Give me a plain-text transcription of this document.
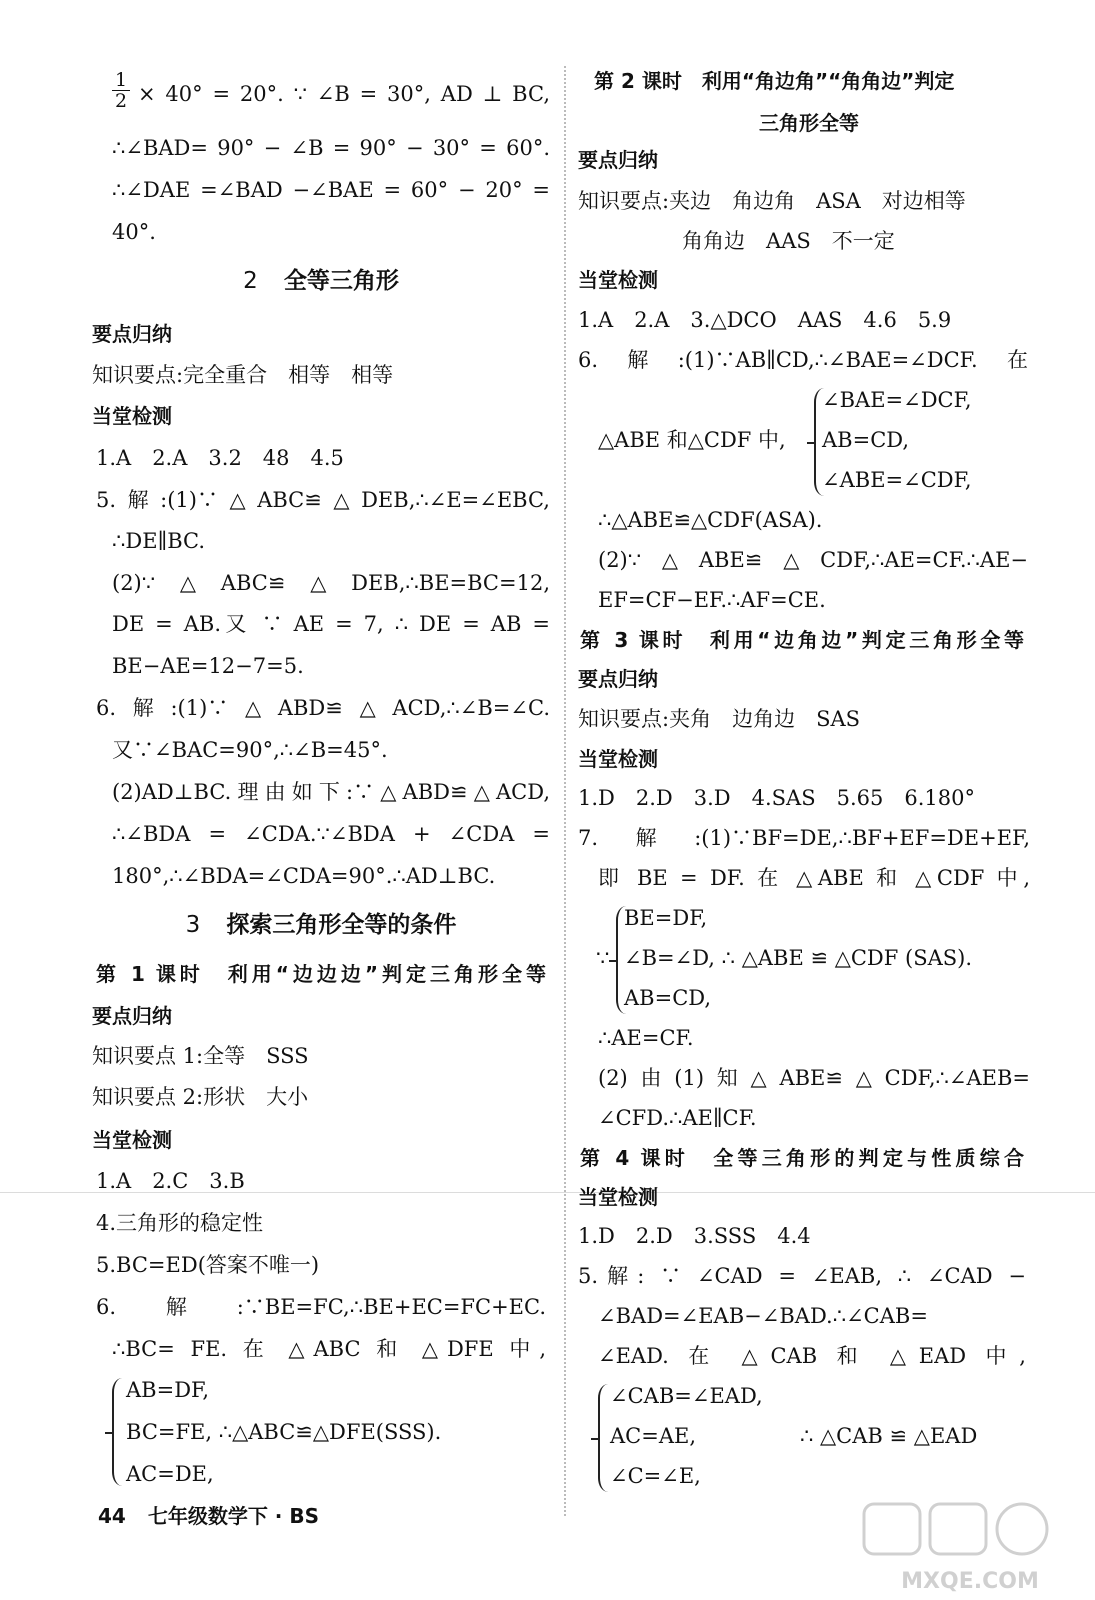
$\frac{1}{2} \times 40^\circ = 20^\circ$. ∵ ∠B = 30°, AD ⊥ BC,
∴∠BAD= 90° − ∠B = 90° − 30° = 60°.
∴∠DAE =∠BAD −∠BAE = 60° − 20° =
40°.
2 全等三角形
要点归纳
知识要点:完全重合　相等　相等
当堂检测
1.A　2.A　3.2　48　4.5
5.解:(1)∵△ABC≌△DEB,∴∠E=∠EBC,
∴DE∥BC.
(2)∵△ABC≌△DEB,∴BE=BC=12,
DE = AB.又 ∵ AE = 7, ∴ DE = AB =
BE−AE=12−7=5.
6.解:(1)∵△ABD≌△ACD,∴∠B=∠C.
又∵∠BAC=90°,∴∠B=45°.
(2)AD⊥BC.理由如下:∵△ABD≌△ACD,
∴∠BDA = ∠CDA.∵∠BDA + ∠CDA =
180°,∴∠BDA=∠CDA=90°.∴AD⊥BC.
3 探索三角形全等的条件
第 1 课时　利用“边边边”判定三角形全等
要点归纳
知识要点 1:全等　SSS
知识要点 2:形状　大小
当堂检测
1.A　2.C　3.B
4.三角形的稳定性
5.BC=ED(答案不唯一)
6.解:∵BE=FC,∴BE+EC=FC+EC.
∴BC= FE. 在 △ABC 和 △DFE 中,
AB=DF,
BC=FE, ∴△ABC≌△DFE(SSS).
AC=DE,
第 2 课时　利用“角边角”“角角边”判定
三角形全等
要点归纳
知识要点:夹边　角边角　ASA　对边相等
角角边　AAS　不一定
当堂检测
1.A　2.A　3.△DCO　AAS　4.6　5.9
6.解:(1)∵AB∥CD,∴∠BAE=∠DCF.在
∠BAE=∠DCF,
△ABE 和△CDF 中, AB=CD,
∠ABE=∠CDF,
∴△ABE≌△CDF(ASA).
(2)∵△ABE≌△CDF,∴AE=CF.∴AE−
EF=CF−EF.∴AF=CE.
第 3 课时　利用“边角边”判定三角形全等
要点归纳
知识要点:夹角　边角边　SAS
当堂检测
1.D　2.D　3.D　4.SAS　5.65　6.180°
7.解:(1)∵BF=DE,∴BF+EF=DE+EF,
即 BE = DF. 在 △ABE 和 △CDF 中,
BE=DF,
∵ ∠B=∠D, ∴ △ABE ≌ △CDF (SAS).
AB=CD,
∴AE=CF.
(2)由(1)知△ABE≌△CDF,∴∠AEB=
∠CFD.∴AE∥CF.
第 4 课时　全等三角形的判定与性质综合
当堂检测
1.D　2.D　3.SSS　4.4
5.解: ∵ ∠CAD = ∠EAB, ∴ ∠CAD −
∠BAD=∠EAB−∠BAD.∴∠CAB=
∠EAD. 在 △CAB 和 △EAD 中,
∠CAB=∠EAD,
AC=AE,	∴ △CAB ≌ △EAD
∠C=∠E,
44 七年级数学下 · BS
MXQE.COM
